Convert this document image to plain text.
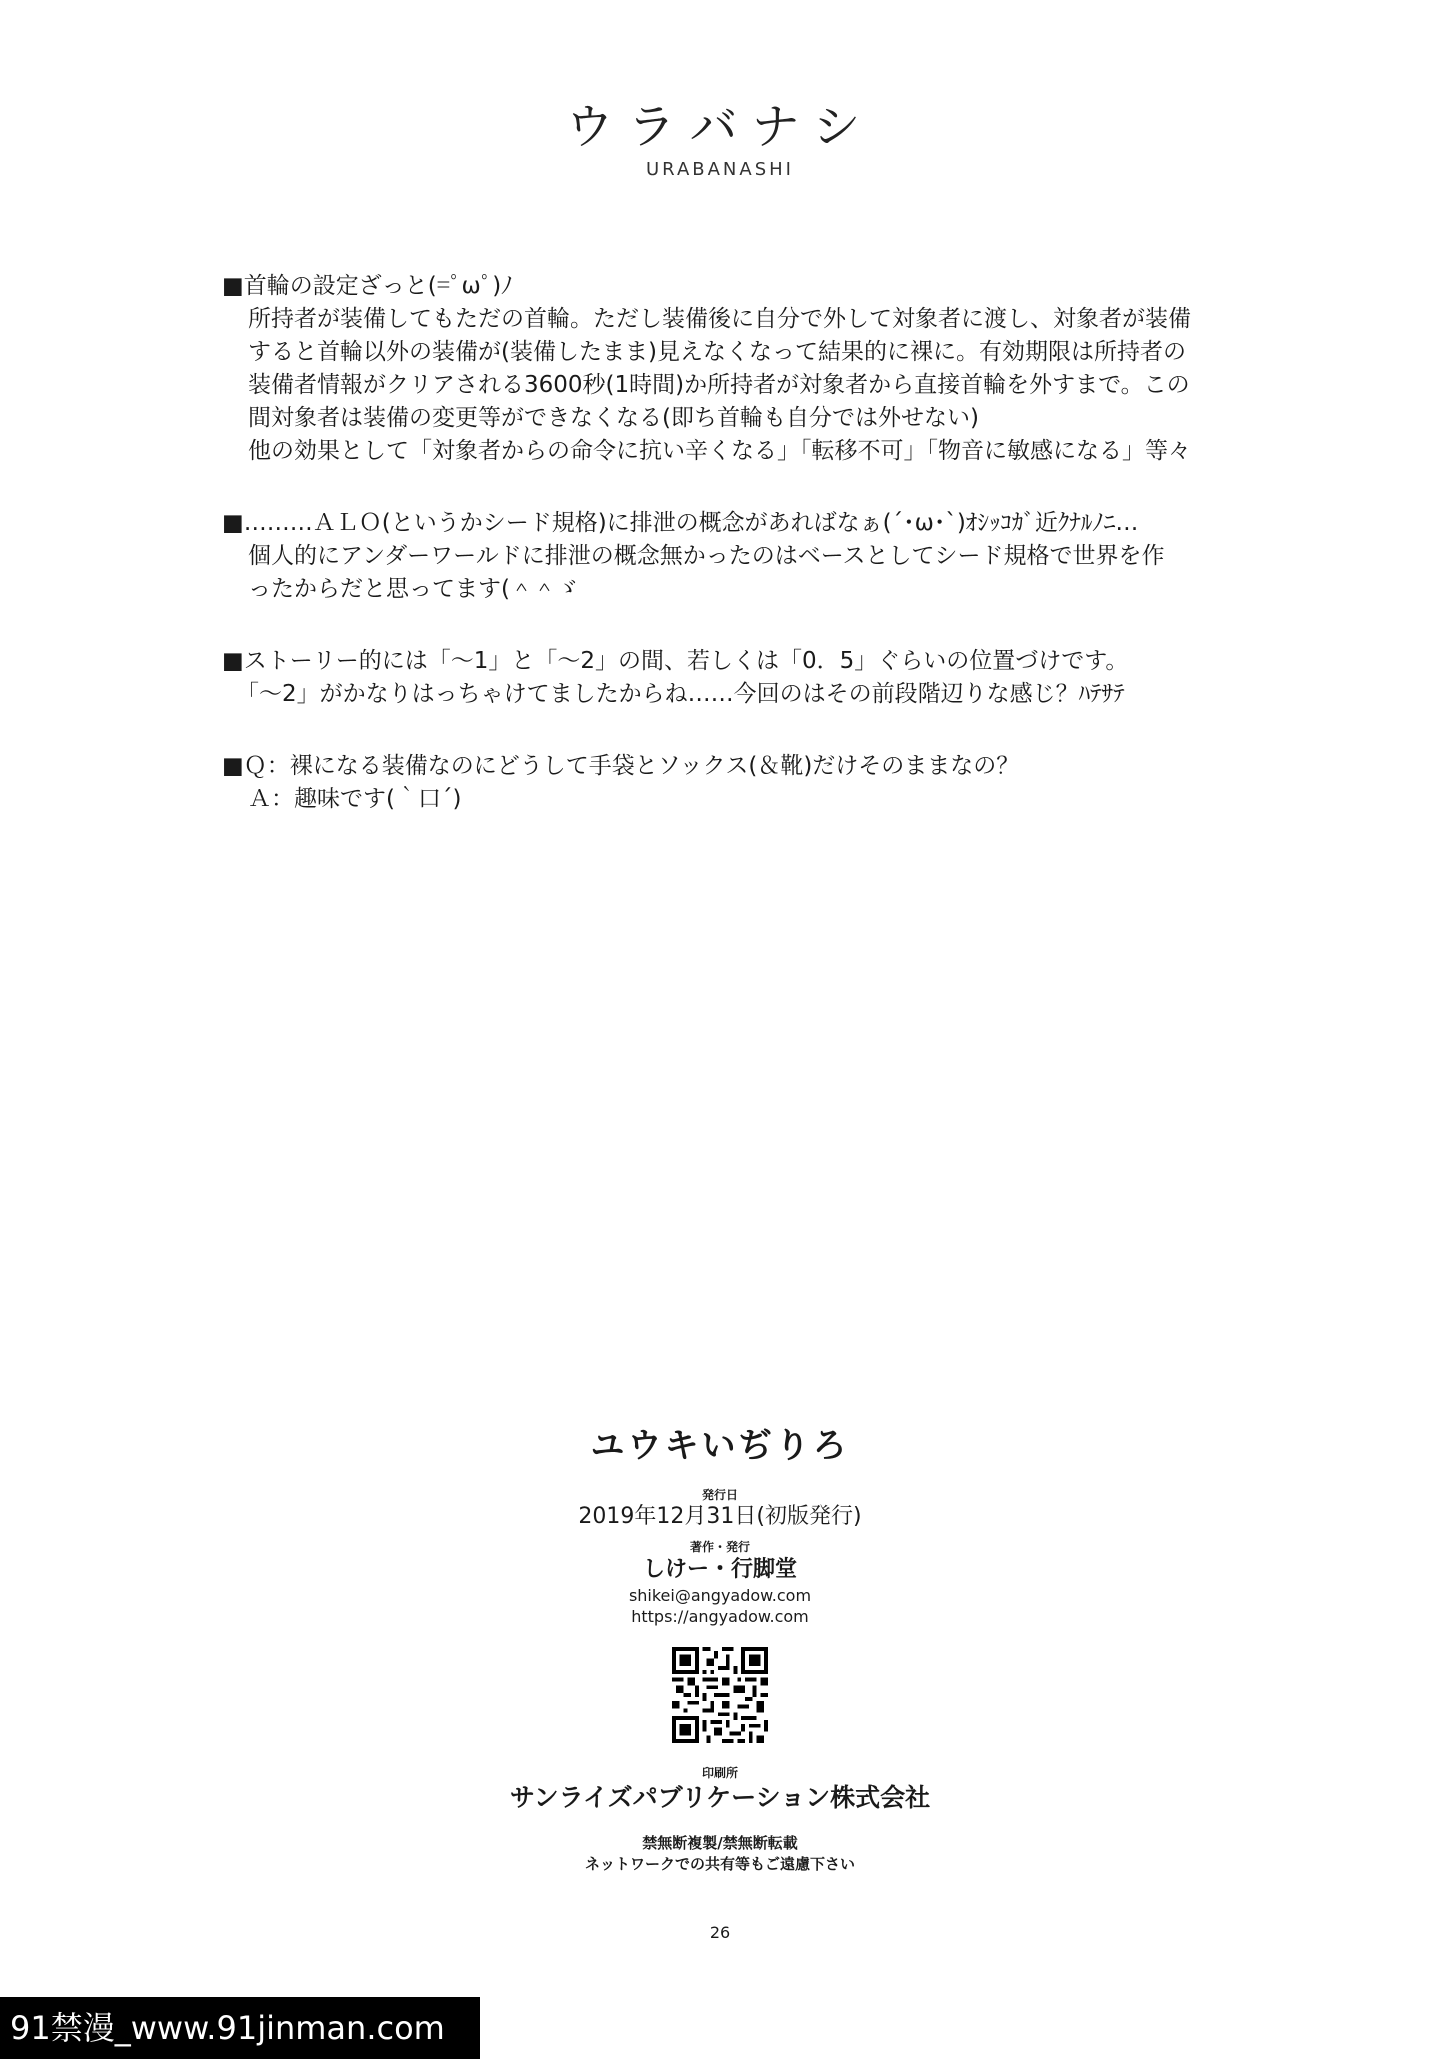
ウラバナシ
URABANASHI
■首輪の設定ざっと(=ﾟωﾟ)ﾉ
所持者が装備してもただの首輪。ただし装備後に自分で外して対象者に渡し、対象者が装備
すると首輪以外の装備が(装備したまま)見えなくなって結果的に裸に。有効期限は所持者の
装備者情報がクリアされる3600秒(1時間)か所持者が対象者から直接首輪を外すまで。この
間対象者は装備の変更等ができなくなる(即ち首輪も自分では外せない)
他の効果として「対象者からの命令に抗い辛くなる」「転移不可」「物音に敏感になる」等々
■………ＡＬＯ(というかシード規格)に排泄の概念があればなぁ(´･ω･`)ｵｼｯｺｶﾞ近ｸﾅﾙﾉﾆ…
個人的にアンダーワールドに排泄の概念無かったのはベースとしてシード規格で世界を作
ったからだと思ってます(＾＾ゞ
■ストーリー的には「～1」と「～2」の間、若しくは「0．5」ぐらいの位置づけです。
「～2」がかなりはっちゃけてましたからね……今回のはその前段階辺りな感じ？ﾊﾃｻﾃ
■Ｑ：裸になる装備なのにどうして手袋とソックス(＆靴)だけそのままなの？
Ａ：趣味です(｀口´)
ユウキいぢりろ
発行日
2019年12月31日(初版発行)
著作・発行
しけー・行脚堂
shikei@angyadow.com
https://angyadow.com
印刷所
サンライズパブリケーション株式会社
禁無断複製/禁無断転載
ネットワークでの共有等もご遠慮下さい
26
91禁漫_www.91jinman.com
